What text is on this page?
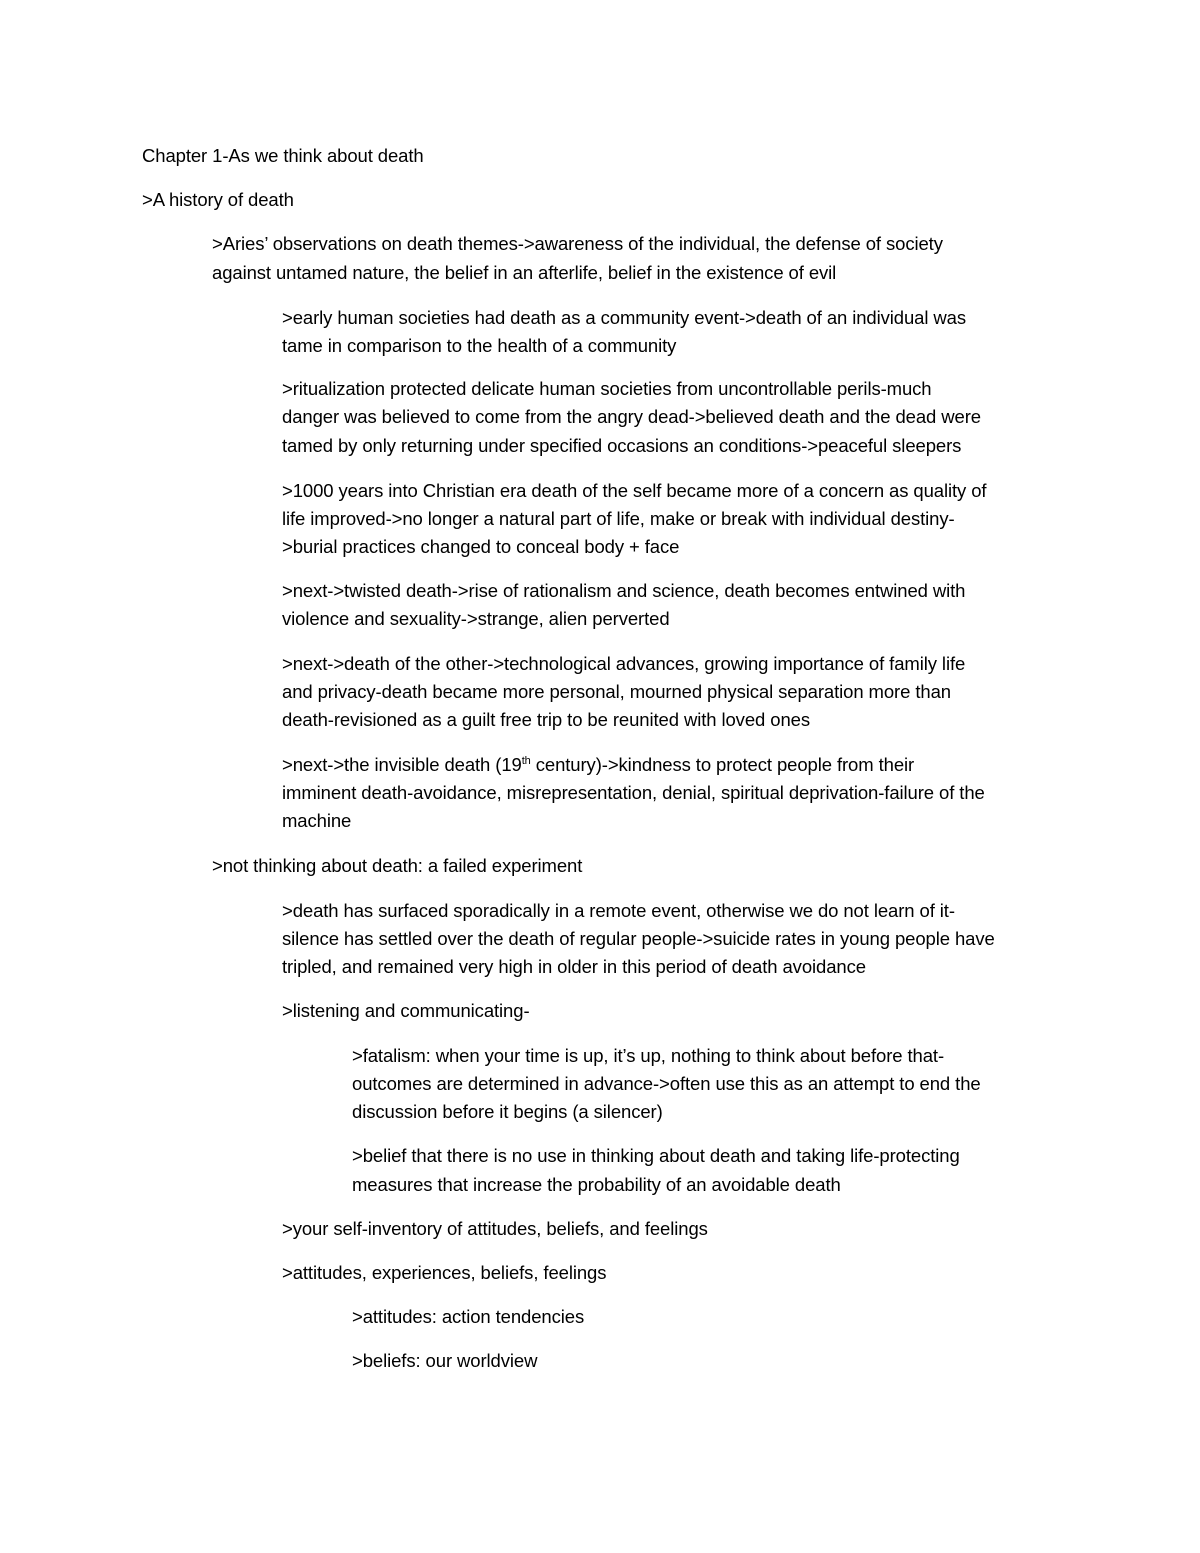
Chapter 1-As we think about death
>A history of death
>Aries’ observations on death themes->awareness of the individual, the defense of society
against untamed nature, the belief in an afterlife, belief in the existence of evil
>early human societies had death as a community event->death of an individual was
tame in comparison to the health of a community
>ritualization protected delicate human societies from uncontrollable perils-much
danger was believed to come from the angry dead->believed death and the dead were
tamed by only returning under specified occasions an conditions->peaceful sleepers
>1000 years into Christian era death of the self became more of a concern as quality of
life improved->no longer a natural part of life, make or break with individual destiny-
>burial practices changed to conceal body + face
>next->twisted death->rise of rationalism and science, death becomes entwined with
violence and sexuality->strange, alien perverted
>next->death of the other->technological advances, growing importance of family life
and privacy-death became more personal, mourned physical separation more than
death-revisioned as a guilt free trip to be reunited with loved ones
>next->the invisible death (19th century)->kindness to protect people from their
imminent death-avoidance, misrepresentation, denial, spiritual deprivation-failure of the
machine
>not thinking about death: a failed experiment
>death has surfaced sporadically in a remote event, otherwise we do not learn of it-
silence has settled over the death of regular people->suicide rates in young people have
tripled, and remained very high in older in this period of death avoidance
>listening and communicating-
>fatalism: when your time is up, it’s up, nothing to think about before that-
outcomes are determined in advance->often use this as an attempt to end the
discussion before it begins (a silencer)
>belief that there is no use in thinking about death and taking life-protecting
measures that increase the probability of an avoidable death
>your self-inventory of attitudes, beliefs, and feelings
>attitudes, experiences, beliefs, feelings
>attitudes: action tendencies
>beliefs: our worldview
